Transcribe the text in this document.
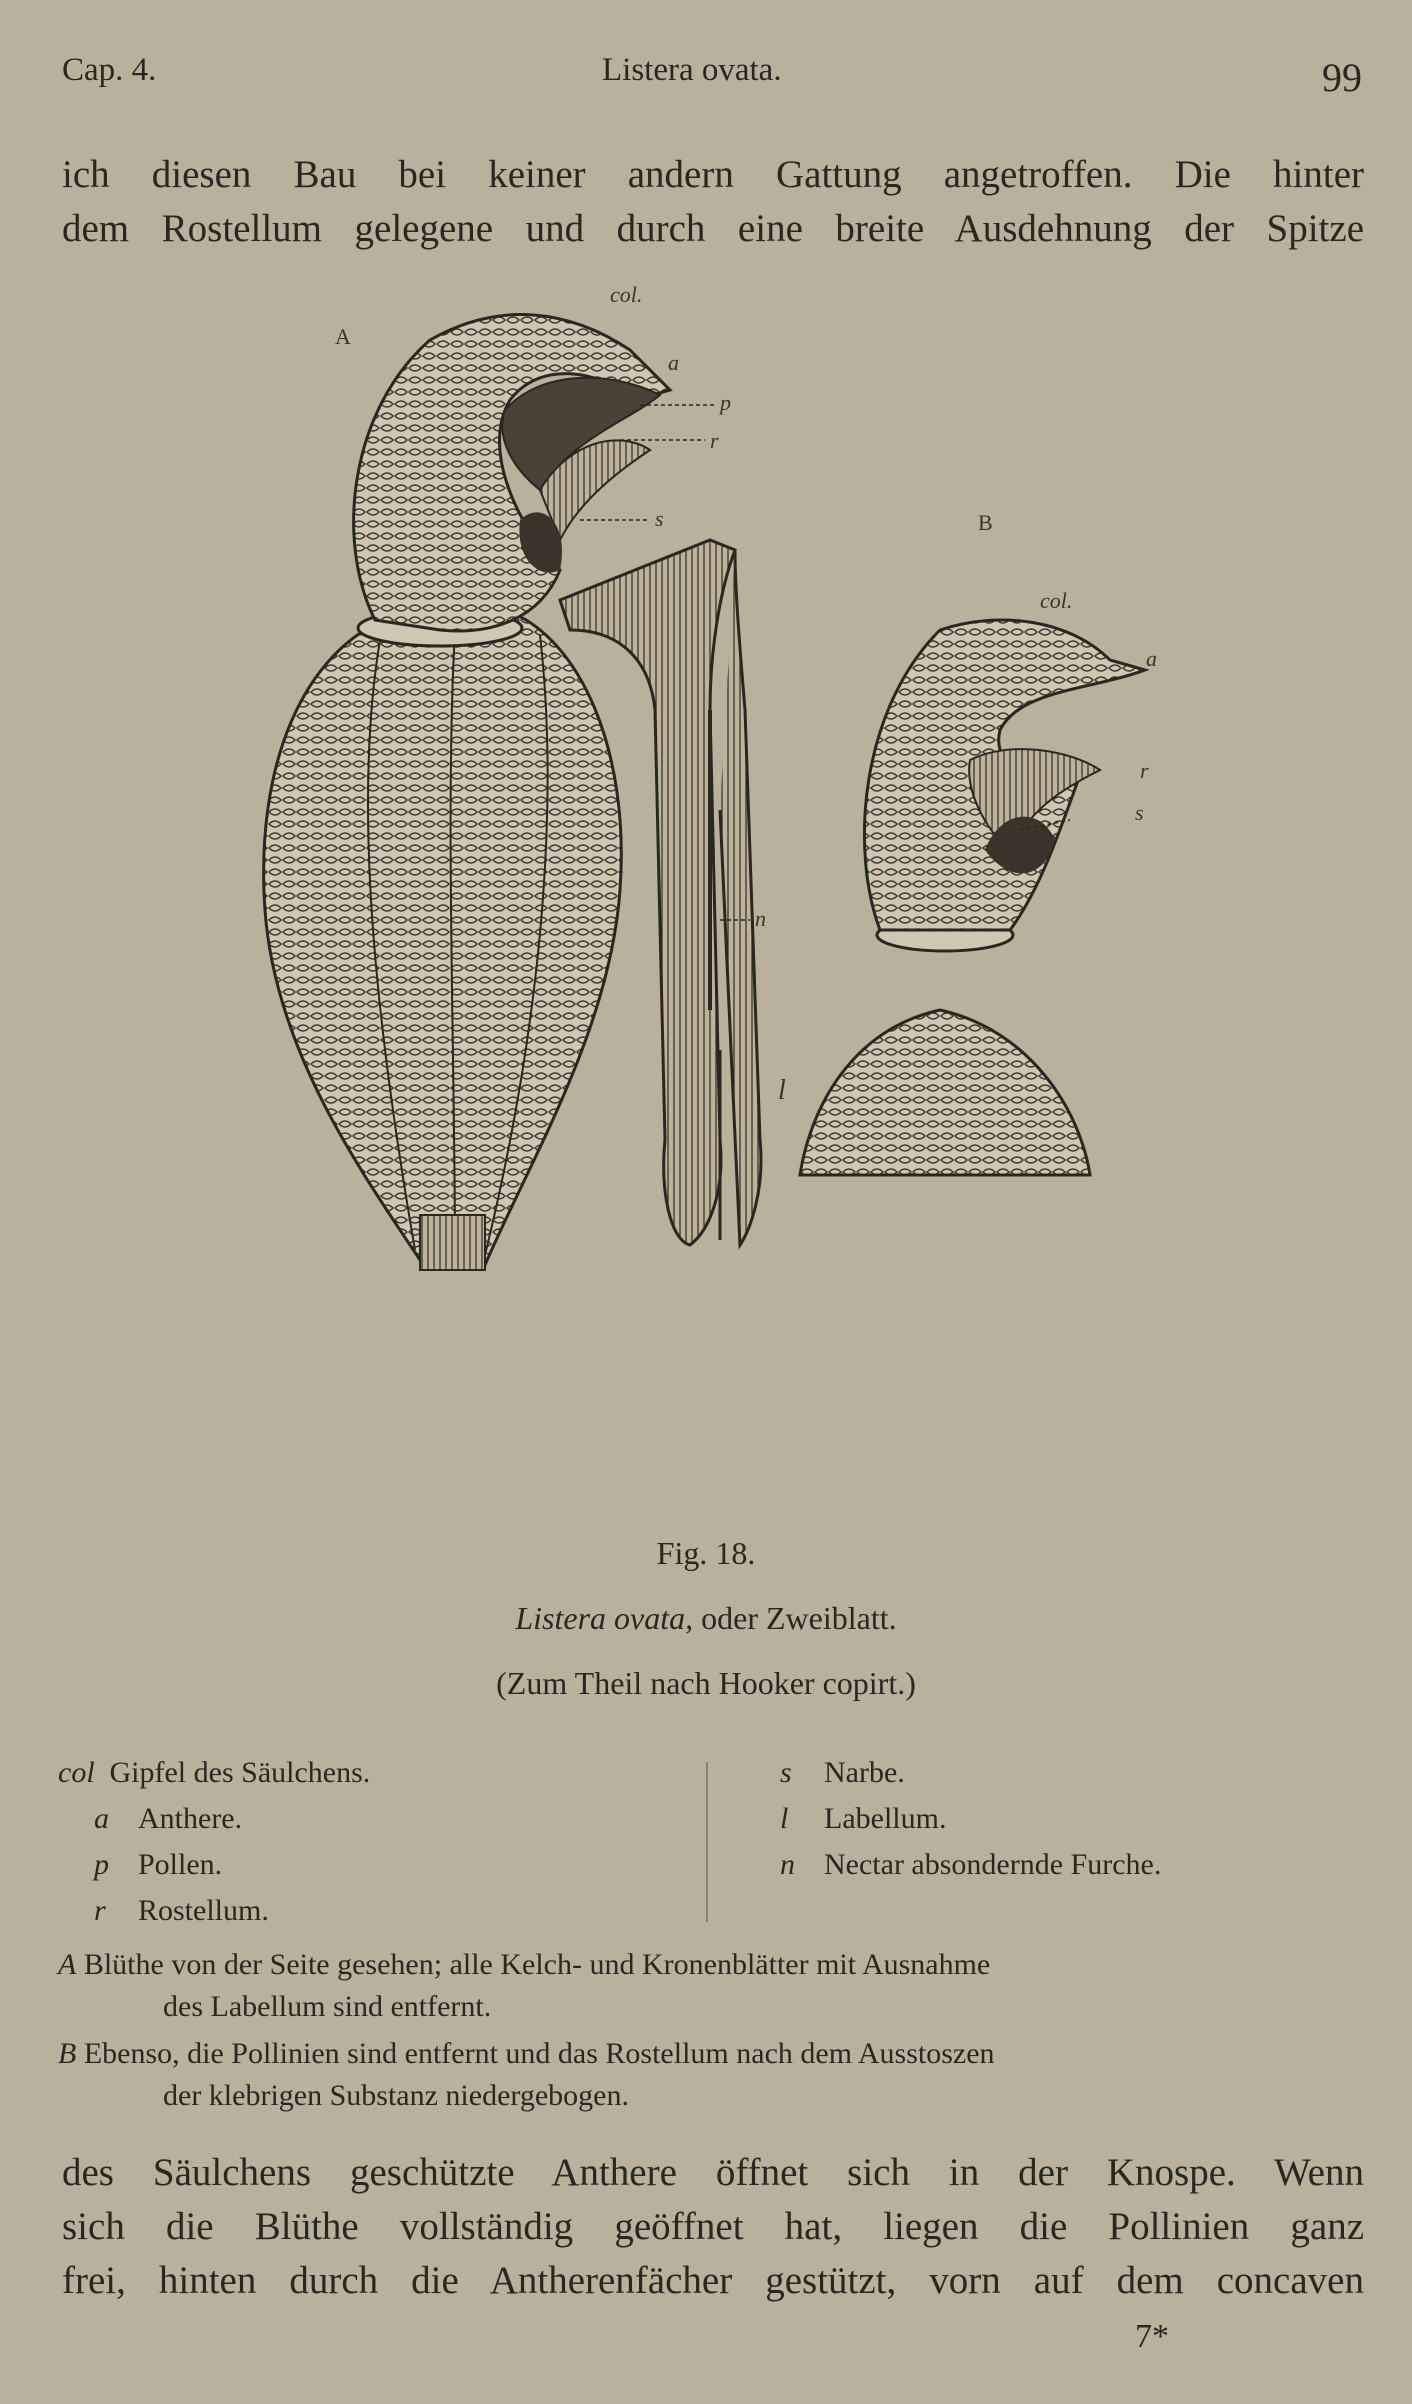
Cap. 4.	Listera ovata.	99
ich diesen Bau bei keiner andern Gattung angetroffen. Die hinter
dem Rostellum gelegene und durch eine breite Ausdehnung der Spitze
A
B
col.
a
p
r
s
n
l
col.
a
r
s
Fig. 18.
Listera ovata, oder Zweiblatt.
(Zum Theil nach Hooker copirt.)
col Gipfel des Säulchens.
a Anthere.
p Pollen.
r Rostellum.
s Narbe.
l Labellum.
n Nectar absondernde Furche.
A Blüthe von der Seite gesehen; alle Kelch- und Kronenblätter mit Ausnahme
des Labellum sind entfernt.
B Ebenso, die Pollinien sind entfernt und das Rostellum nach dem Ausstoszen
der klebrigen Substanz niedergebogen.
des Säulchens geschützte Anthere öffnet sich in der Knospe. Wenn
sich die Blüthe vollständig geöffnet hat, liegen die Pollinien ganz
frei, hinten durch die Antherenfächer gestützt, vorn auf dem concaven
7*
